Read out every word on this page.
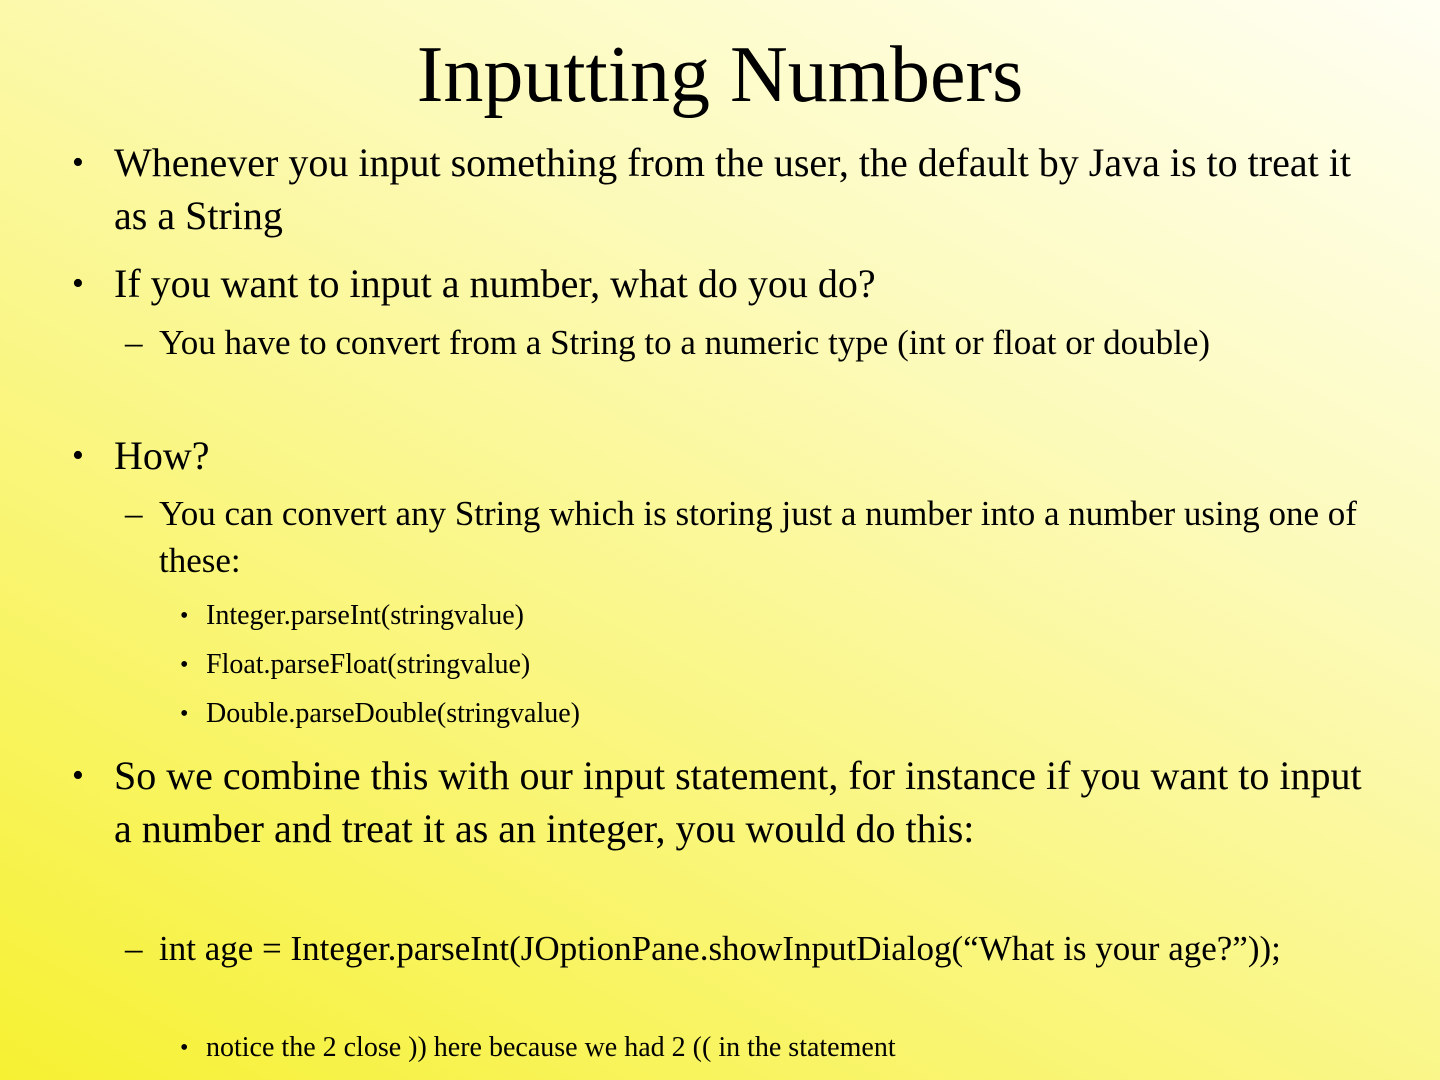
Inputting Numbers
• Whenever you input something from the user, the default by Java is to treat it as a String
• If you want to input a number, what do you do?
– You have to convert from a String to a numeric type (int or float or double)
• How?
– You can convert any String which is storing just a number into a number using one of these:
• Integer.parseInt(stringvalue)
• Float.parseFloat(stringvalue)
• Double.parseDouble(stringvalue)
• So we combine this with our input statement, for instance if you want to input a number and treat it as an integer, you would do this:
– int age = Integer.parseInt(JOptionPane.showInputDialog(“What is your age?”));
• notice the 2 close )) here because we had 2 (( in the statement
